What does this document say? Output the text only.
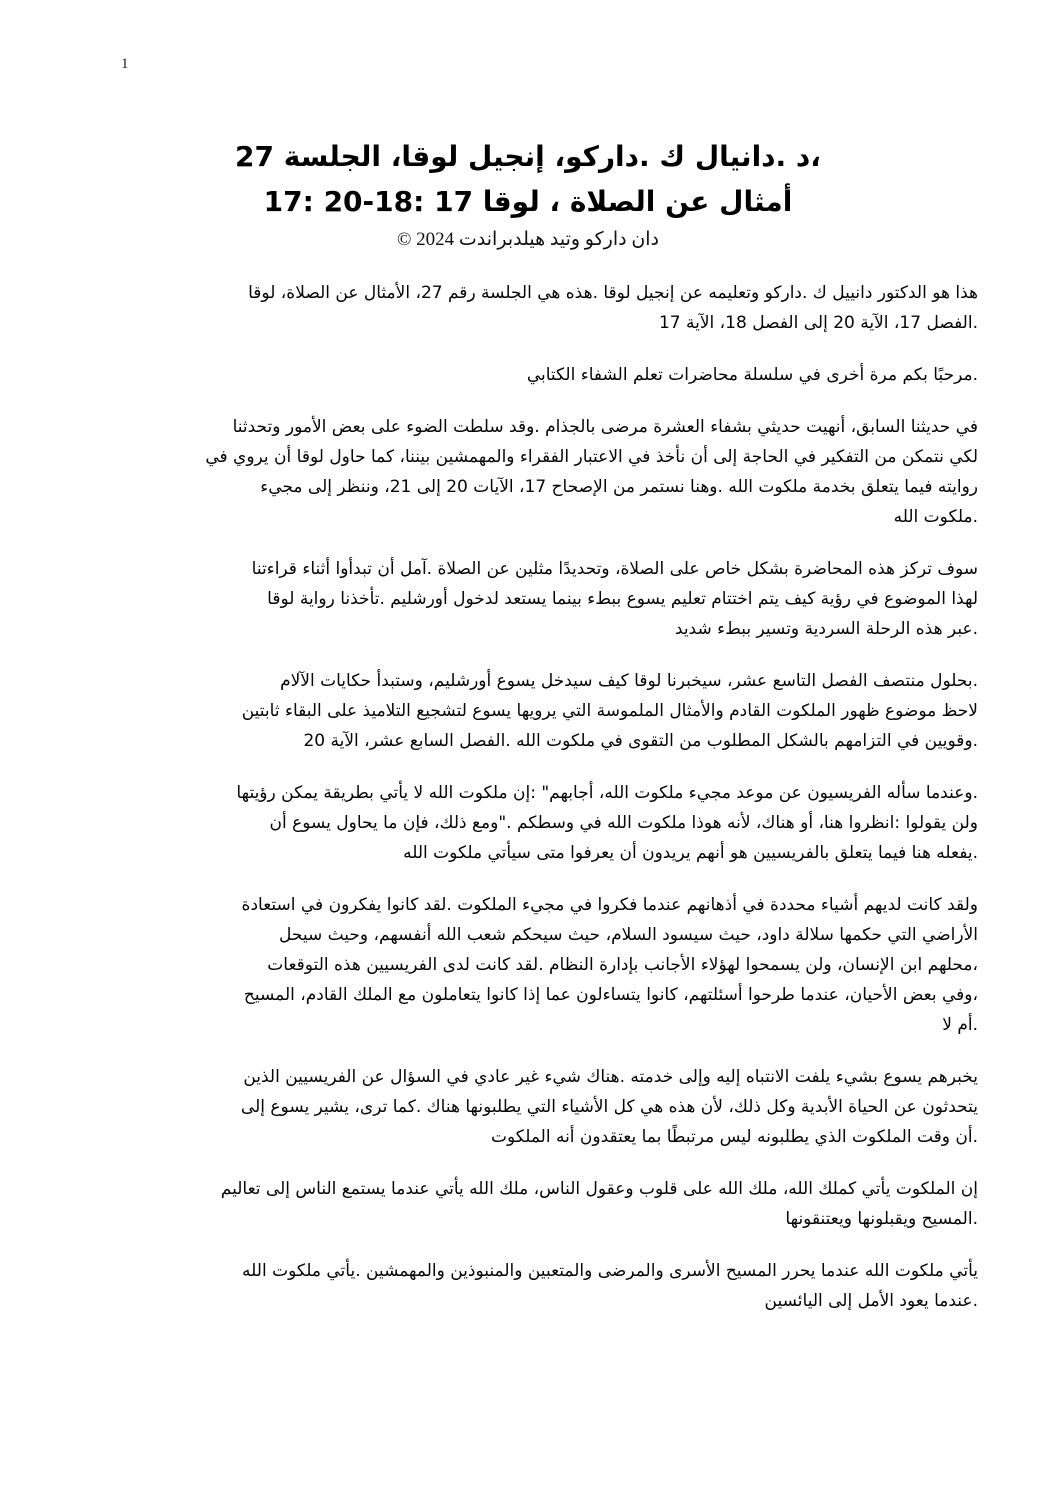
1
،د .دانيال ك .داركو، إنجيل لوقا، الجلسة 27
أمثال عن الصلاة ، لوقا 17 :18-20 :17
دان داركو وتيد هيلدبراندت 2024 ©
هذا هو الدكتور دانييل ك .داركو وتعليمه عن إنجيل لوقا .هذه هي الجلسة رقم 27، الأمثال عن الصلاة، لوقا
.الفصل 17، الآية 20 إلى الفصل 18، الآية 17
.مرحبًا بكم مرة أخرى في سلسلة محاضرات تعلم الشفاء الكتابي
في حديثنا السابق، أنهيت حديثي بشفاء العشرة مرضى بالجذام .وقد سلطت الضوء على بعض الأمور وتحدثنا
لكي نتمكن من التفكير في الحاجة إلى أن نأخذ في الاعتبار الفقراء والمهمشين بيننا، كما حاول لوقا أن يروي في
روايته فيما يتعلق بخدمة ملكوت الله .وهنا نستمر من الإصحاح 17، الآيات 20 إلى 21، وننظر إلى مجيء
.ملكوت الله
سوف تركز هذه المحاضرة بشكل خاص على الصلاة، وتحديدًا مثلين عن الصلاة .آمل أن تبدأوا أثناء قراءتنا
لهذا الموضوع في رؤية كيف يتم اختتام تعليم يسوع ببطء بينما يستعد لدخول أورشليم .تأخذنا رواية لوقا
.عبر هذه الرحلة السردية وتسير ببطء شديد
.بحلول منتصف الفصل التاسع عشر، سيخبرنا لوقا كيف سيدخل يسوع أورشليم، وستبدأ حكايات الآلام
لاحظ موضوع ظهور الملكوت القادم والأمثال الملموسة التي يرويها يسوع لتشجيع التلاميذ على البقاء ثابتين
.وقويين في التزامهم بالشكل المطلوب من التقوى في ملكوت الله .الفصل السابع عشر، الآية 20
.وعندما سأله الفريسيون عن موعد مجيء ملكوت الله، أجابهم" :إن ملكوت الله لا يأتي بطريقة يمكن رؤيتها
ولن يقولوا :انظروا هنا، أو هناك، لأنه هوذا ملكوت الله في وسطكم ."ومع ذلك، فإن ما يحاول يسوع أن
.يفعله هنا فيما يتعلق بالفريسيين هو أنهم يريدون أن يعرفوا متى سيأتي ملكوت الله
ولقد كانت لديهم أشياء محددة في أذهانهم عندما فكروا في مجيء الملكوت .لقد كانوا يفكرون في استعادة
الأراضي التي حكمها سلالة داود، حيث سيسود السلام، حيث سيحكم شعب الله أنفسهم، وحيث سيحل
،محلهم ابن الإنسان، ولن يسمحوا لهؤلاء الأجانب بإدارة النظام .لقد كانت لدى الفريسيين هذه التوقعات
،وفي بعض الأحيان، عندما طرحوا أسئلتهم، كانوا يتساءلون عما إذا كانوا يتعاملون مع الملك القادم، المسيح
.أم لا
يخبرهم يسوع بشيء يلفت الانتباه إليه وإلى خدمته .هناك شيء غير عادي في السؤال عن الفريسيين الذين
يتحدثون عن الحياة الأبدية وكل ذلك، لأن هذه هي كل الأشياء التي يطلبونها هناك .كما ترى، يشير يسوع إلى
.أن وقت الملكوت الذي يطلبونه ليس مرتبطًا بما يعتقدون أنه الملكوت
إن الملكوت يأتي كملك الله، ملك الله على قلوب وعقول الناس، ملك الله يأتي عندما يستمع الناس إلى تعاليم
.المسيح ويقبلونها ويعتنقونها
يأتي ملكوت الله عندما يحرر المسيح الأسرى والمرضى والمتعبين والمنبوذين والمهمشين .يأتي ملكوت الله
.عندما يعود الأمل إلى اليائسين
